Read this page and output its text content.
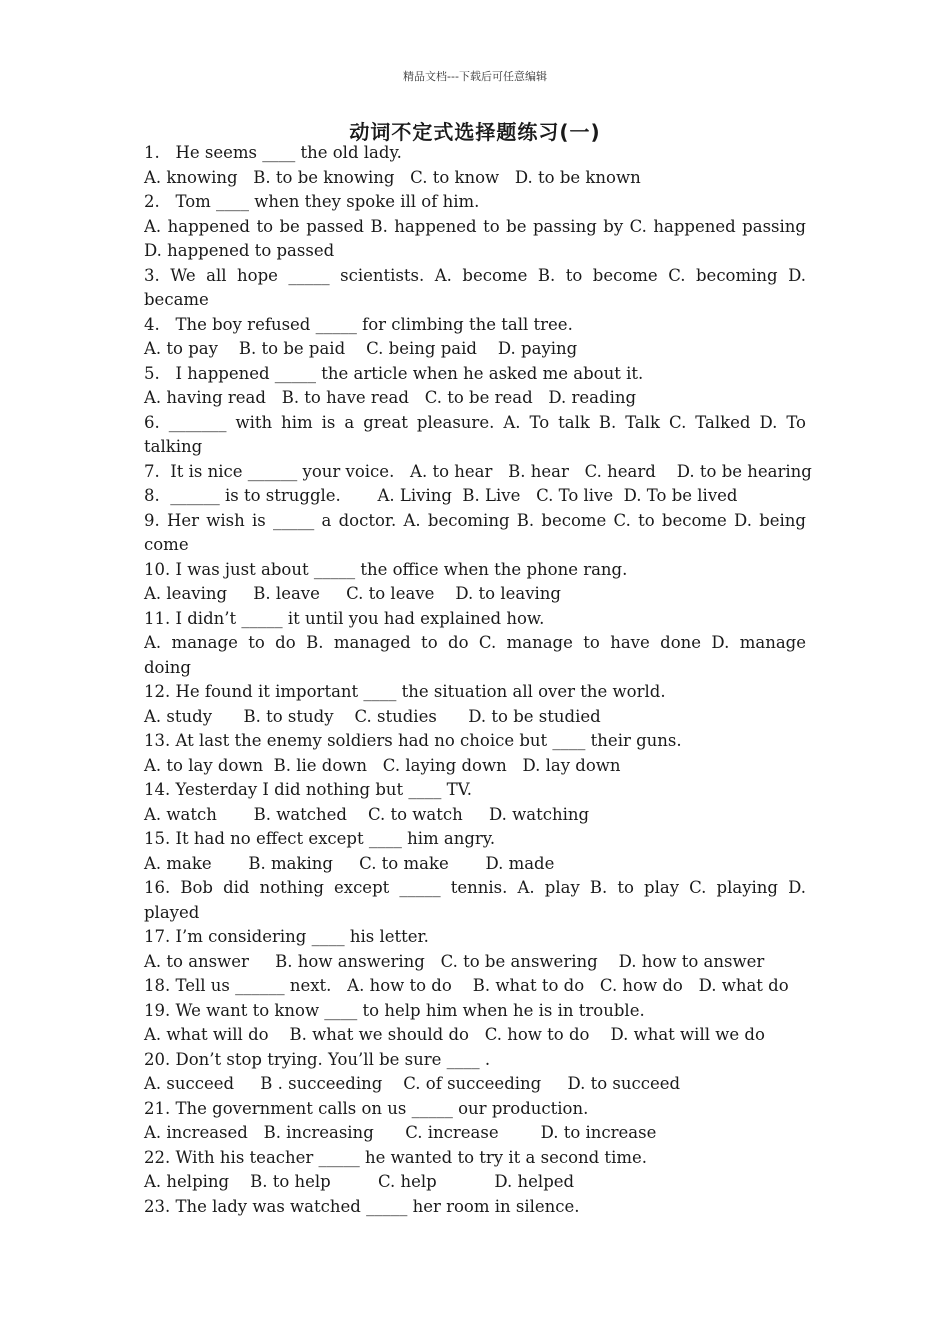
精品文档---下载后可任意编辑
动词不定式选择题练习(一)
1.   He seems ____ the old lady.
A. knowing   B. to be knowing   C. to know   D. to be known
2.   Tom ____ when they spoke ill of him.
A. happened to be passed B. happened to be passing by C. happened passing
D. happened to passed
3. We all hope _____ scientists. A. become B. to become C. becoming D.
became
4.   The boy refused _____ for climbing the tall tree.
A. to pay    B. to be paid    C. being paid    D. paying
5.   I happened _____ the article when he asked me about it.
A. having read   B. to have read   C. to be read   D. reading
6. _______ with him is a great pleasure. A. To talk B. Talk C. Talked D. To
talking
7.  It is nice ______ your voice.   A. to hear   B. hear   C. heard    D. to be hearing
8.  ______ is to struggle.       A. Living  B. Live   C. To live  D. To be lived
9. Her wish is _____ a doctor. A. becoming B. become C. to become D. being
come
10. I was just about _____ the office when the phone rang.
A. leaving     B. leave     C. to leave    D. to leaving
11. I didn’t _____ it until you had explained how.
A. manage to do B. managed to do C. manage to have done D. manage
doing
12. He found it important ____ the situation all over the world.
A. study      B. to study    C. studies      D. to be studied
13. At last the enemy soldiers had no choice but ____ their guns.
A. to lay down  B. lie down   C. laying down   D. lay down
14. Yesterday I did nothing but ____ TV.
A. watch       B. watched    C. to watch     D. watching
15. It had no effect except ____ him angry.
A. make       B. making     C. to make       D. made
16. Bob did nothing except _____ tennis. A. play B. to play C. playing D.
played
17. I’m considering ____ his letter.
A. to answer     B. how answering   C. to be answering    D. how to answer
18. Tell us ______ next.   A. how to do    B. what to do   C. how do   D. what do
19. We want to know ____ to help him when he is in trouble.
A. what will do    B. what we should do   C. how to do    D. what will we do
20. Don’t stop trying. You’ll be sure ____ .
A. succeed     B . succeeding    C. of succeeding     D. to succeed
21. The government calls on us _____ our production.
A. increased   B. increasing      C. increase        D. to increase
22. With his teacher _____ he wanted to try it a second time.
A. helping    B. to help         C. help           D. helped
23. The lady was watched _____ her room in silence.
